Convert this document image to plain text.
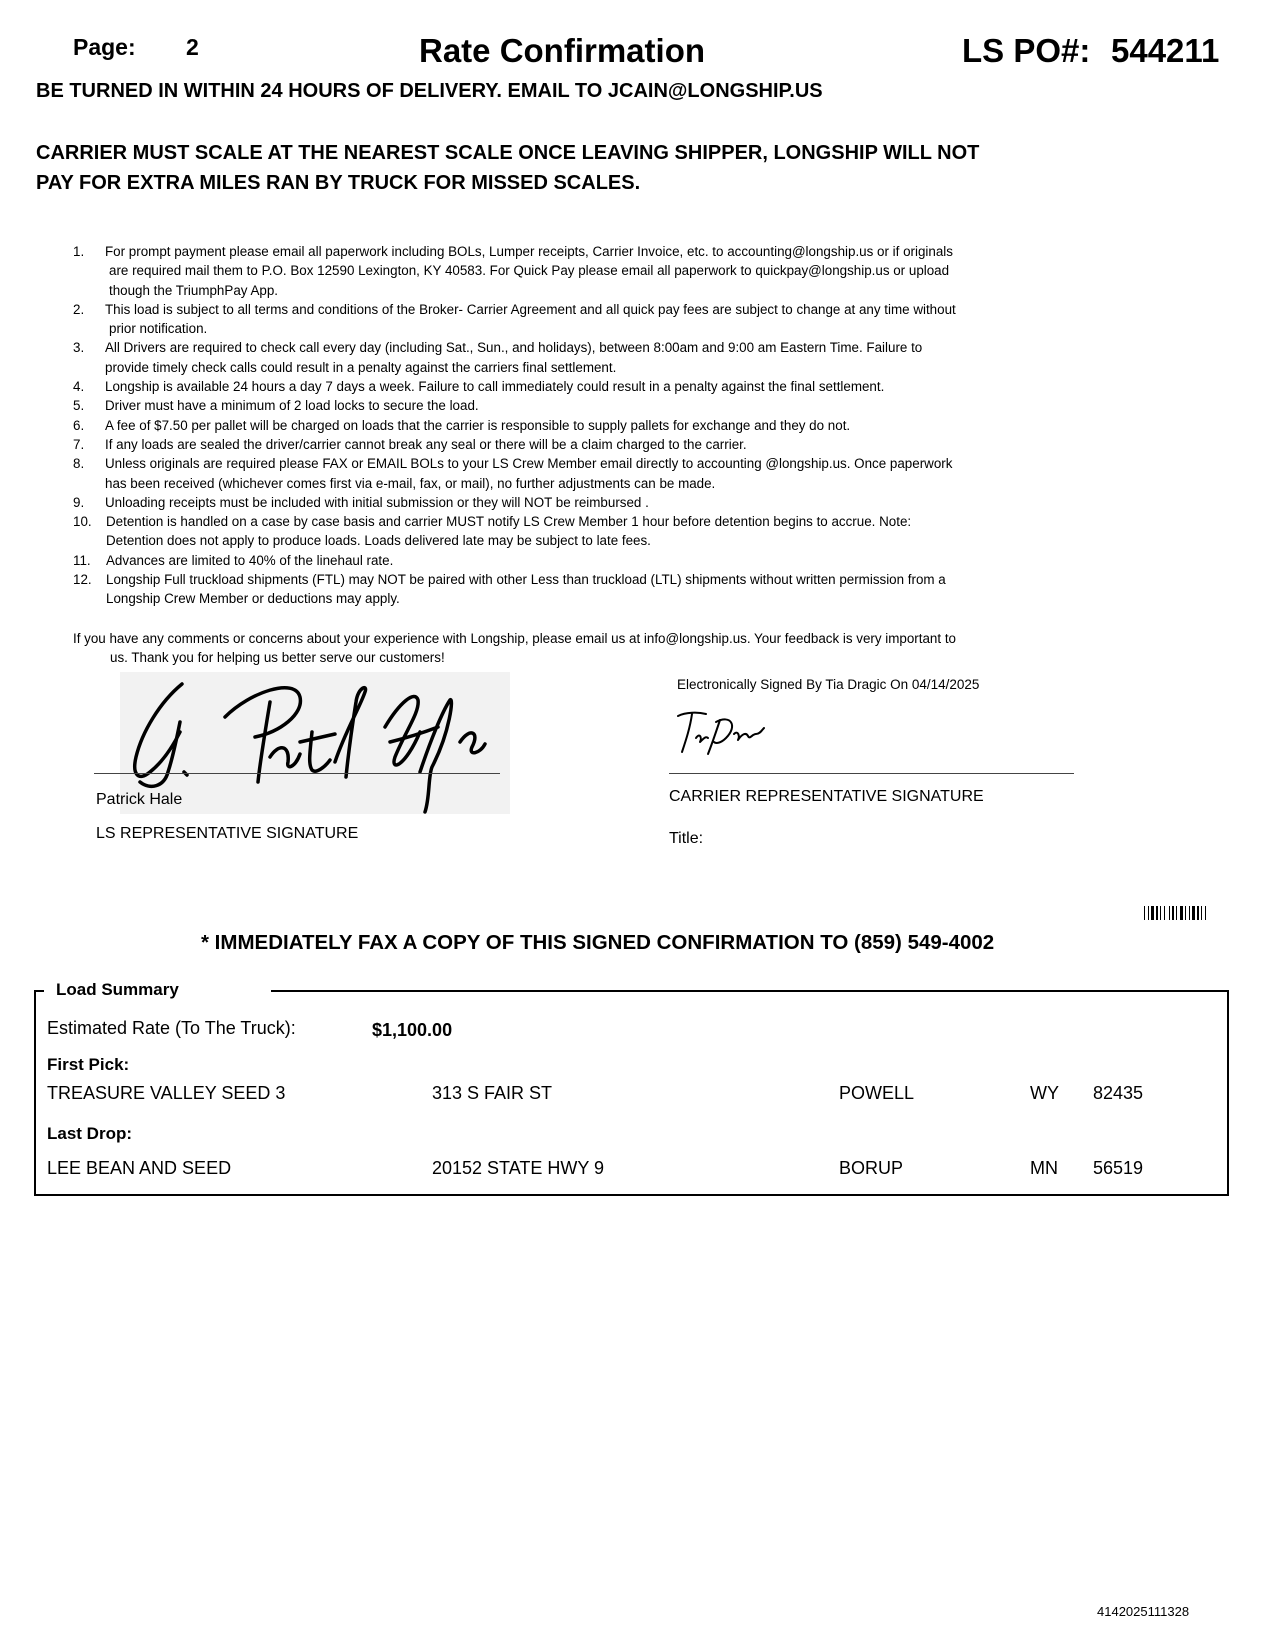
Page: 2	Rate Confirmation	LS PO#: 544211
BE TURNED IN WITHIN 24 HOURS OF DELIVERY. EMAIL TO JCAIN@LONGSHIP.US
CARRIER MUST SCALE AT THE NEAREST SCALE ONCE LEAVING SHIPPER, LONGSHIP WILL NOT
PAY FOR EXTRA MILES RAN BY TRUCK FOR MISSED SCALES.
1.	For prompt payment please email all paperwork including BOLs, Lumper receipts, Carrier Invoice, etc. to accounting@longship.us or if originals
are required mail them to P.O. Box 12590 Lexington, KY 40583. For Quick Pay please email all paperwork to quickpay@longship.us or upload
though the TriumphPay App.
2.	This load is subject to all terms and conditions of the Broker- Carrier Agreement and all quick pay fees are subject to change at any time without
prior notification.
3.	All Drivers are required to check call every day (including Sat., Sun., and holidays), between 8:00am and 9:00 am Eastern Time. Failure to
provide timely check calls could result in a penalty against the carriers final settlement.
4.	Longship is available 24 hours a day 7 days a week. Failure to call immediately could result in a penalty against the final settlement.
5.	Driver must have a minimum of 2 load locks to secure the load.
6.	A fee of $7.50 per pallet will be charged on loads that the carrier is responsible to supply pallets for exchange and they do not.
7.	If any loads are sealed the driver/carrier cannot break any seal or there will be a claim charged to the carrier.
8.	Unless originals are required please FAX or EMAIL BOLs to your LS Crew Member email directly to accounting @longship.us. Once paperwork
has been received (whichever comes first via e-mail, fax, or mail), no further adjustments can be made.
9.	Unloading receipts must be included with initial submission or they will NOT be reimbursed .
10.	Detention is handled on a case by case basis and carrier MUST notify LS Crew Member 1 hour before detention begins to accrue. Note:
Detention does not apply to produce loads. Loads delivered late may be subject to late fees.
11.	Advances are limited to 40% of the linehaul rate.
12.	Longship Full truckload shipments (FTL) may NOT be paired with other Less than truckload (LTL) shipments without written permission from a
Longship Crew Member or deductions may apply.
If you have any comments or concerns about your experience with Longship, please email us at info@longship.us. Your feedback is very important to
us. Thank you for helping us better serve our customers!
Patrick Hale
LS REPRESENTATIVE SIGNATURE
Electronically Signed By Tia Dragic On 04/14/2025
CARRIER REPRESENTATIVE SIGNATURE
Title:
* IMMEDIATELY FAX A COPY OF THIS SIGNED CONFIRMATION TO (859) 549-4002
Load Summary
Estimated Rate (To The Truck):	$1,100.00
First Pick:
TREASURE VALLEY SEED 3	313 S FAIR ST	POWELL	WY 82435
Last Drop:
LEE BEAN AND SEED	20152 STATE HWY 9	BORUP	MN 56519
4142025111328
